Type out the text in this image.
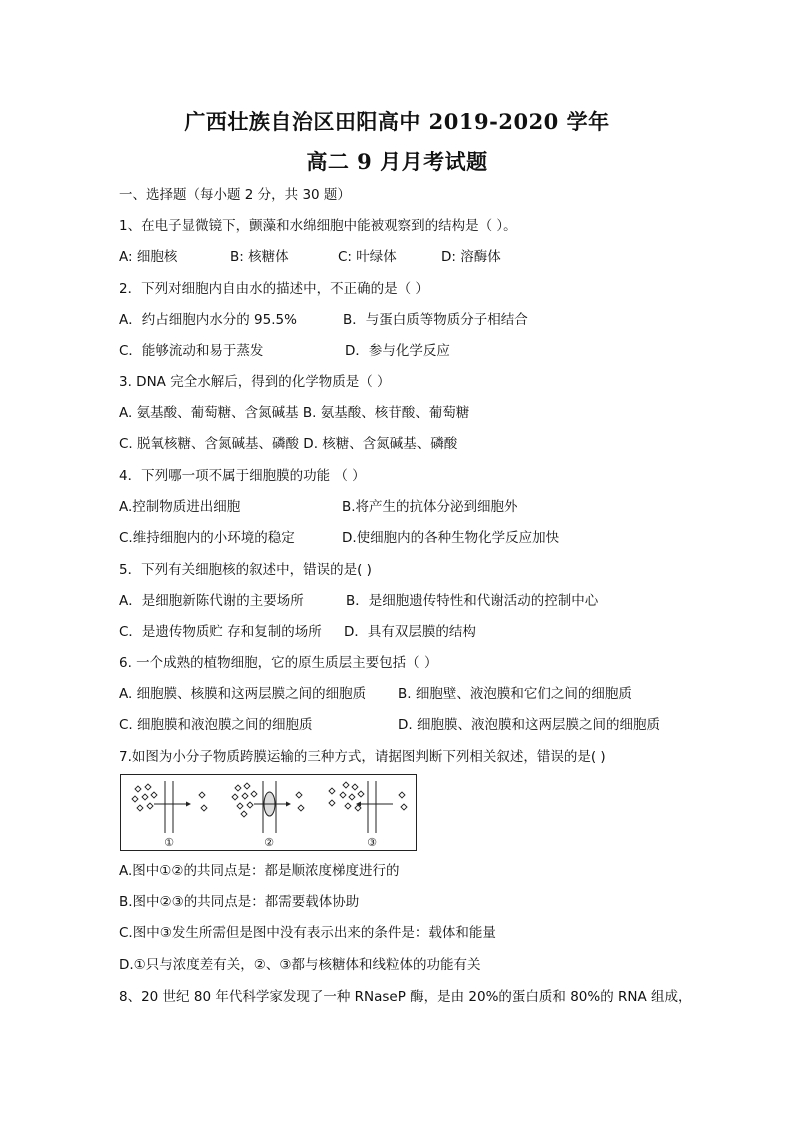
广西壮族自治区田阳高中 2019-2020 学年
高二 9 月月考试题
一、选择题（每小题 2 分，共 30 题）
1、在电子显微镜下，颤藻和水绵细胞中能被观察到的结构是（ ）。
A: 细胞核	B: 核糖体	C: 叶绿体	D: 溶酶体
2．下列对细胞内自由水的描述中，不正确的是（ ）
A．约占细胞内水分的 95.5%	B．与蛋白质等物质分子相结合
C．能够流动和易于蒸发	D．参与化学反应
3. DNA 完全水解后，得到的化学物质是（ ）
A. 氨基酸、葡萄糖、含氮碱基 B. 氨基酸、核苷酸、葡萄糖
C. 脱氧核糖、含氮碱基、磷酸 D. 核糖、含氮碱基、磷酸
4．下列哪一项不属于细胞膜的功能 （ ）
A.控制物质进出细胞	B.将产生的抗体分泌到细胞外
C.维持细胞内的小环境的稳定	D.使细胞内的各种生物化学反应加快
5．下列有关细胞核的叙述中，错误的是( )
A．是细胞新陈代谢的主要场所	B．是细胞遗传特性和代谢活动的控制中心
C．是遗传物质贮 存和复制的场所 D．具有双层膜的结构
6. 一个成熟的植物细胞，它的原生质层主要包括（ ）
A. 细胞膜、核膜和这两层膜之间的细胞质 B. 细胞壁、液泡膜和它们之间的细胞质
C. 细胞膜和液泡膜之间的细胞质	D. 细胞膜、液泡膜和这两层膜之间的细胞质
7.如图为小分子物质跨膜运输的三种方式，请据图判断下列相关叙述，错误的是( )
①	②	③
A.图中①②的共同点是：都是顺浓度梯度进行的
B.图中②③的共同点是：都需要载体协助
C.图中③发生所需但是图中没有表示出来的条件是：载体和能量
D.①只与浓度差有关，②、③都与核糖体和线粒体的功能有关
8、20 世纪 80 年代科学家发现了一种 RNaseP 酶，是由 20%的蛋白质和 80%的 RNA 组成，
